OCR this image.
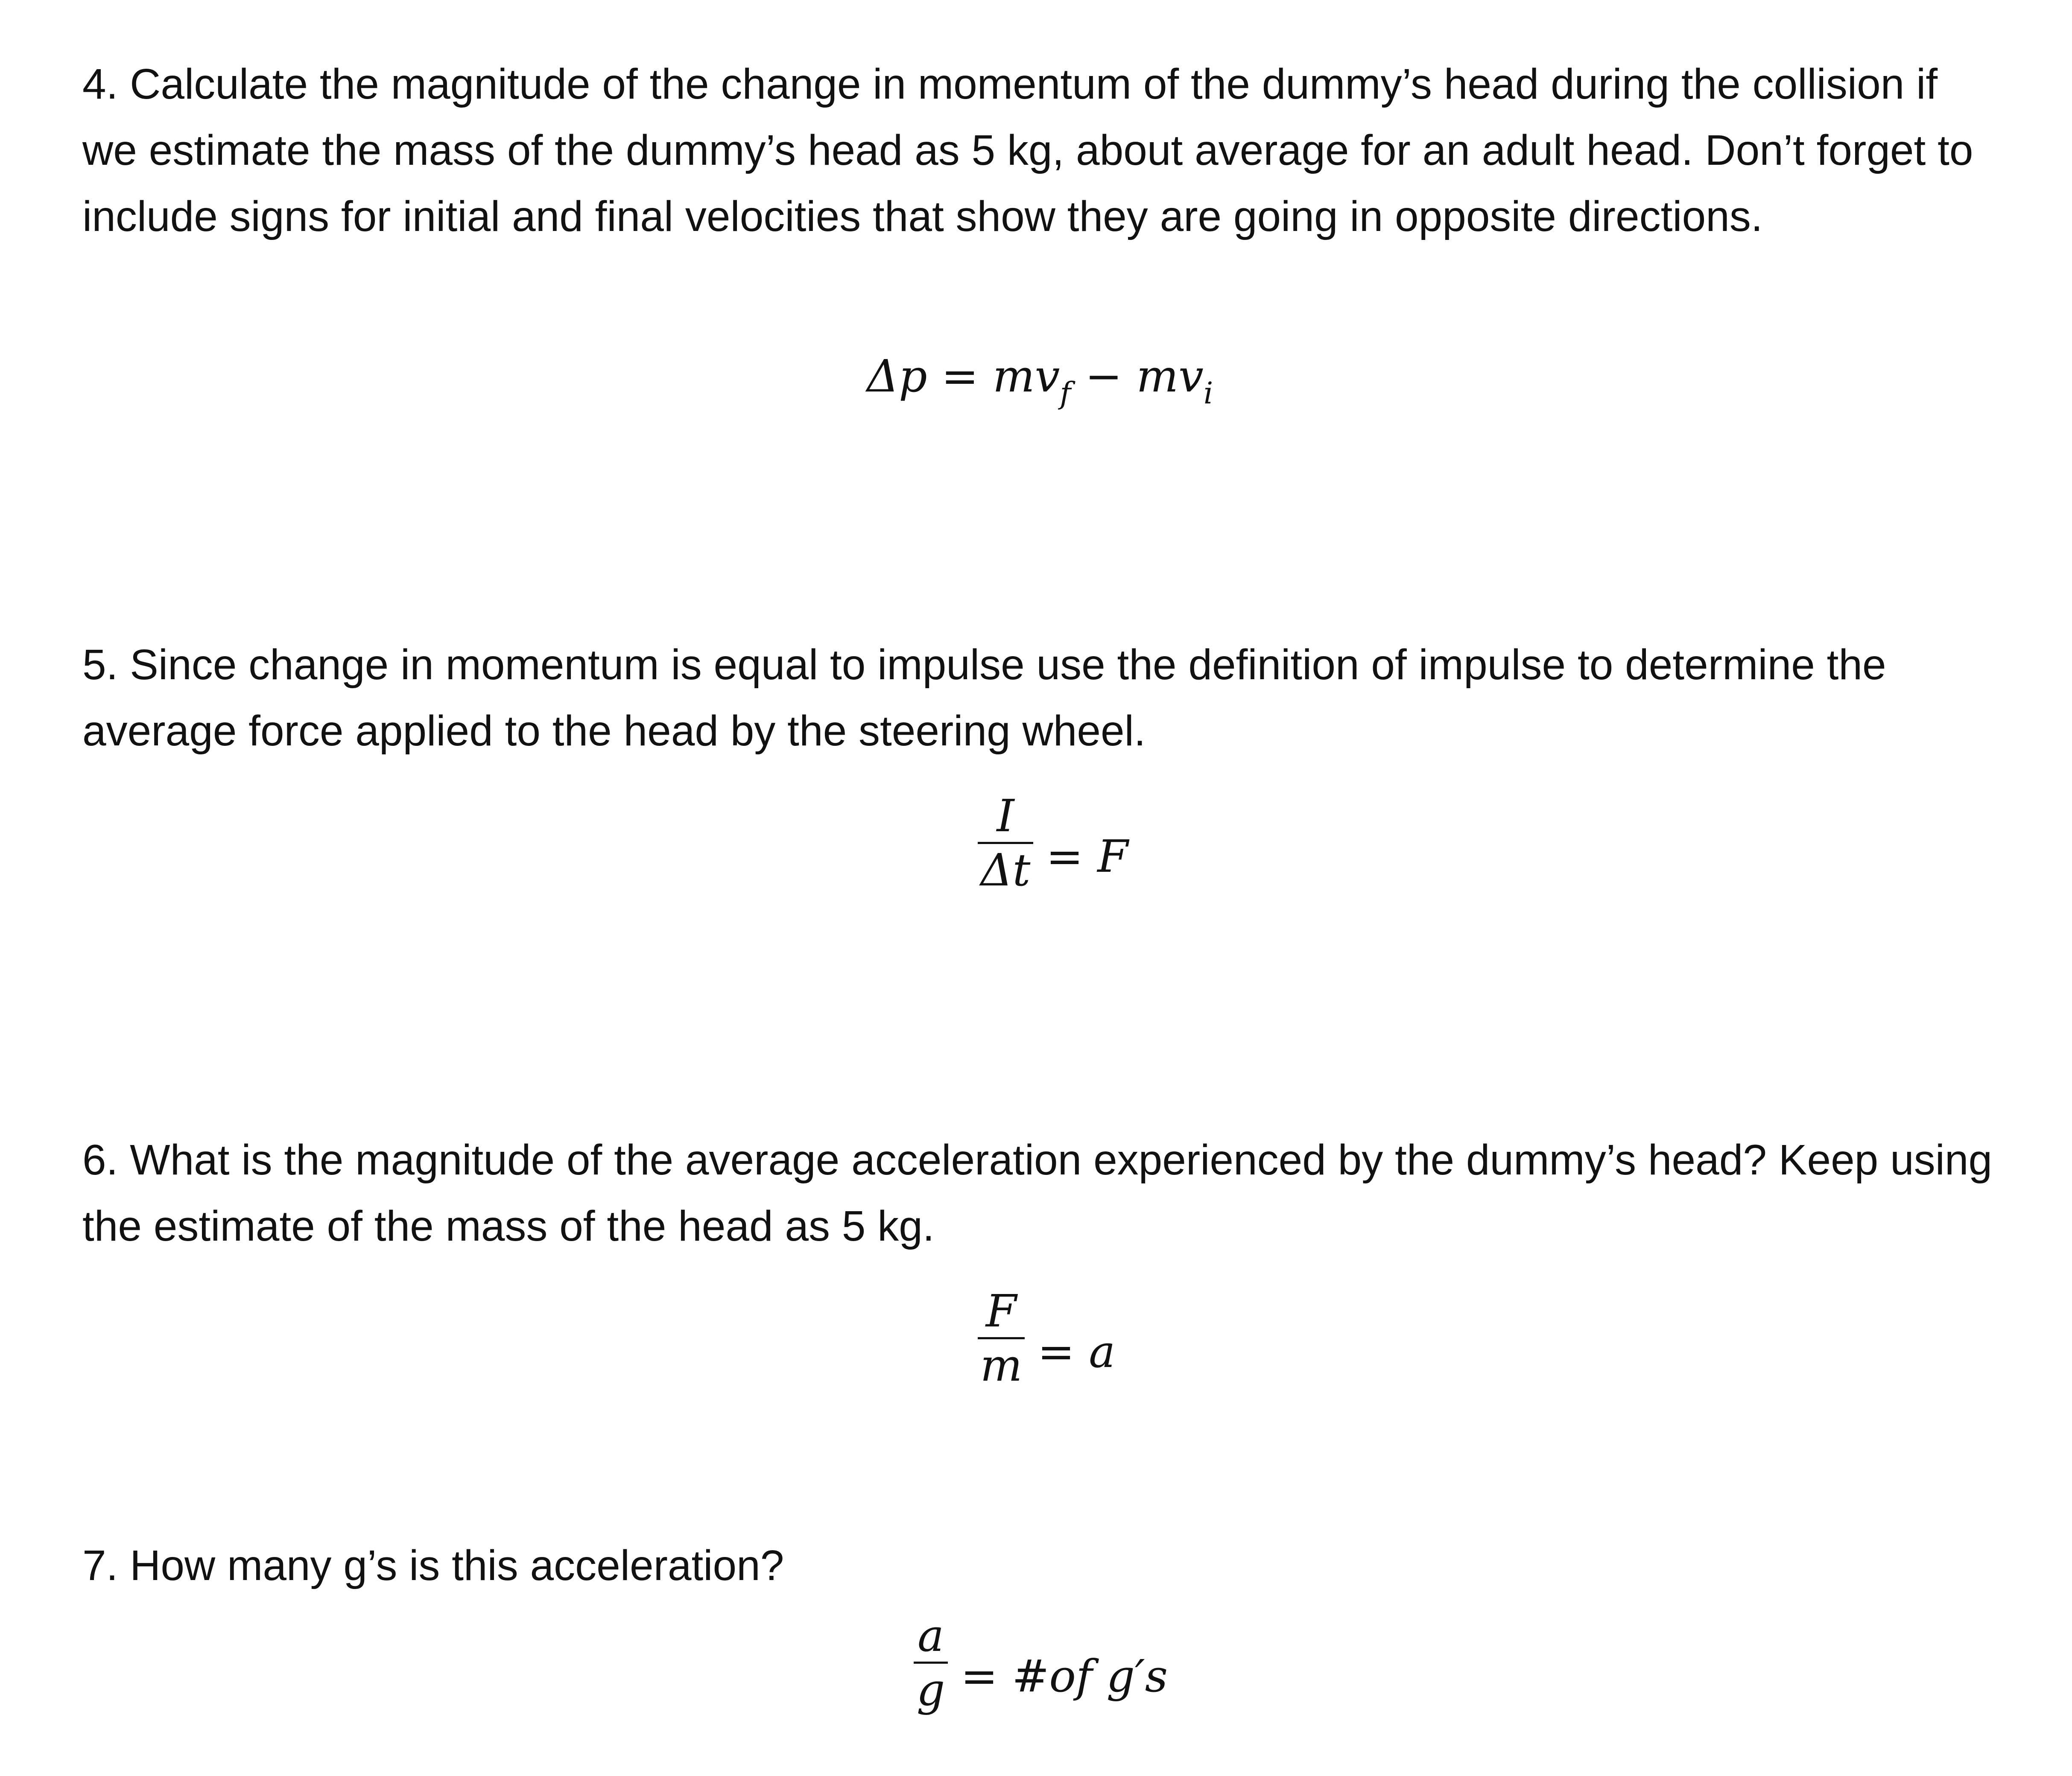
4. Calculate the magnitude of the change in momentum of the dummy’s head during the collision if we estimate the mass of the dummy’s head as 5 kg, about average for an adult head. Don’t forget to include signs for initial and final velocities that show they are going in opposite directions.

$\Delta p = mv_f - mv_i$

5. Since change in momentum is equal to impulse use the definition of impulse to determine the average force applied to the head by the steering wheel.

I
Δt = F

6. What is the magnitude of the average acceleration experienced by the dummy’s head? Keep using the estimate of the mass of the head as 5 kg.

F
m = a

7. How many g’s is this acceleration?

a
g = #of g′s
